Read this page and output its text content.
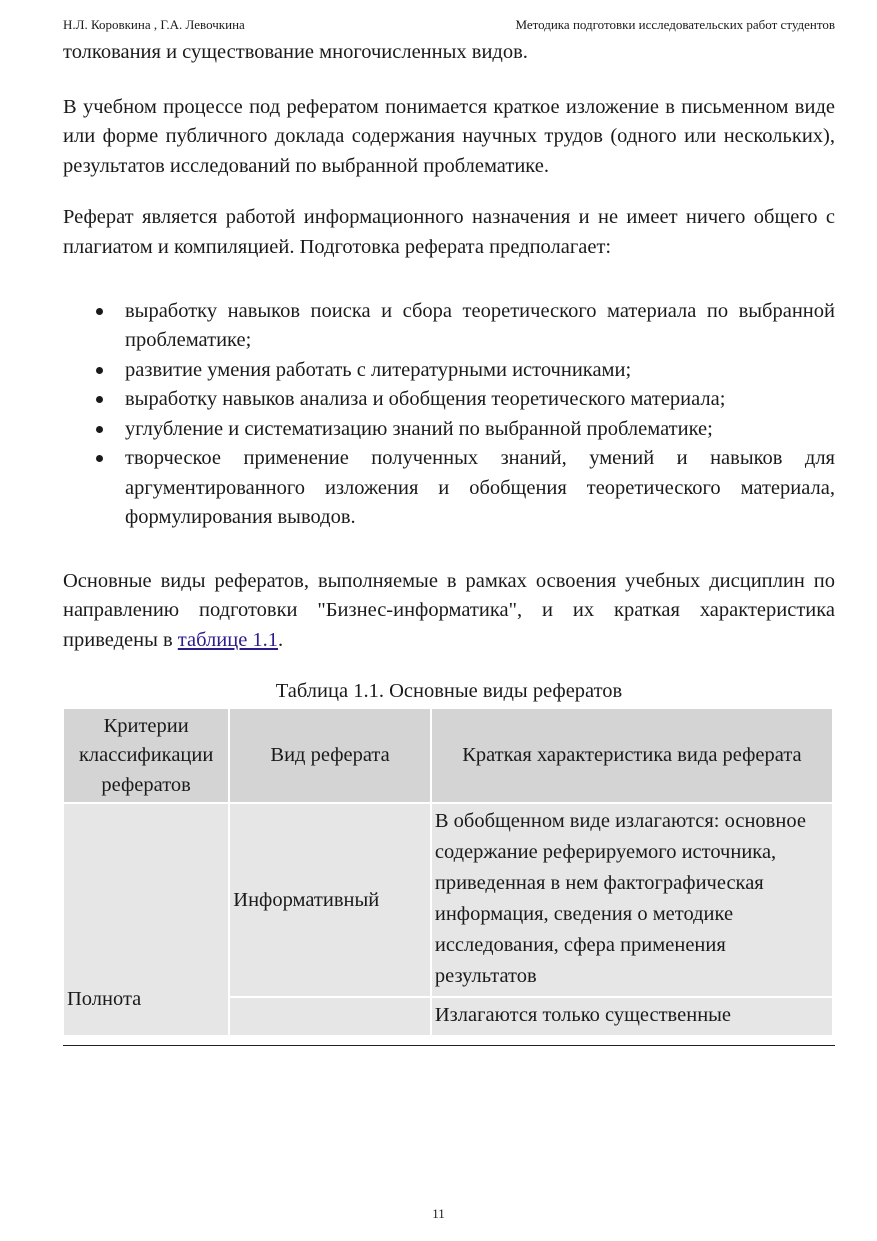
Н.Л. Коровкина , Г.А. Левочкина	Методика подготовки исследовательских работ студентов

толкования и существование многочисленных видов.

В учебном процессе под рефератом понимается краткое изложение в письменном виде или форме публичного доклада содержания научных трудов (одного или нескольких), результатов исследований по выбранной проблематике.

Реферат является работой информационного назначения и не имеет ничего общего с плагиатом и компиляцией. Подготовка реферата предполагает:

выработку навыков поиска и сбора теоретического материала по выбранной проблематике;
развитие умения работать с литературными источниками;
выработку навыков анализа и обобщения теоретического материала;
углубление и систематизацию знаний по выбранной проблематике;
творческое применение полученных знаний, умений и навыков для аргументированного изложения и обобщения теоретического материала, формулирования выводов.

Основные виды рефератов, выполняемые в рамках освоения учебных дисциплин по направлению подготовки "Бизнес-информатика", и их краткая характеристика приведены в таблице 1.1.

Таблица 1.1. Основные виды рефератов
Критерии классификации рефератов	Вид реферата	Краткая характеристика вида реферата
Полнота	Информативный	В обобщенном виде излагаются: основное содержание реферируемого источника, приведенная в нем фактографическая информация, сведения о методике исследования, сфера применения результатов
		Излагаются только существенные
11
